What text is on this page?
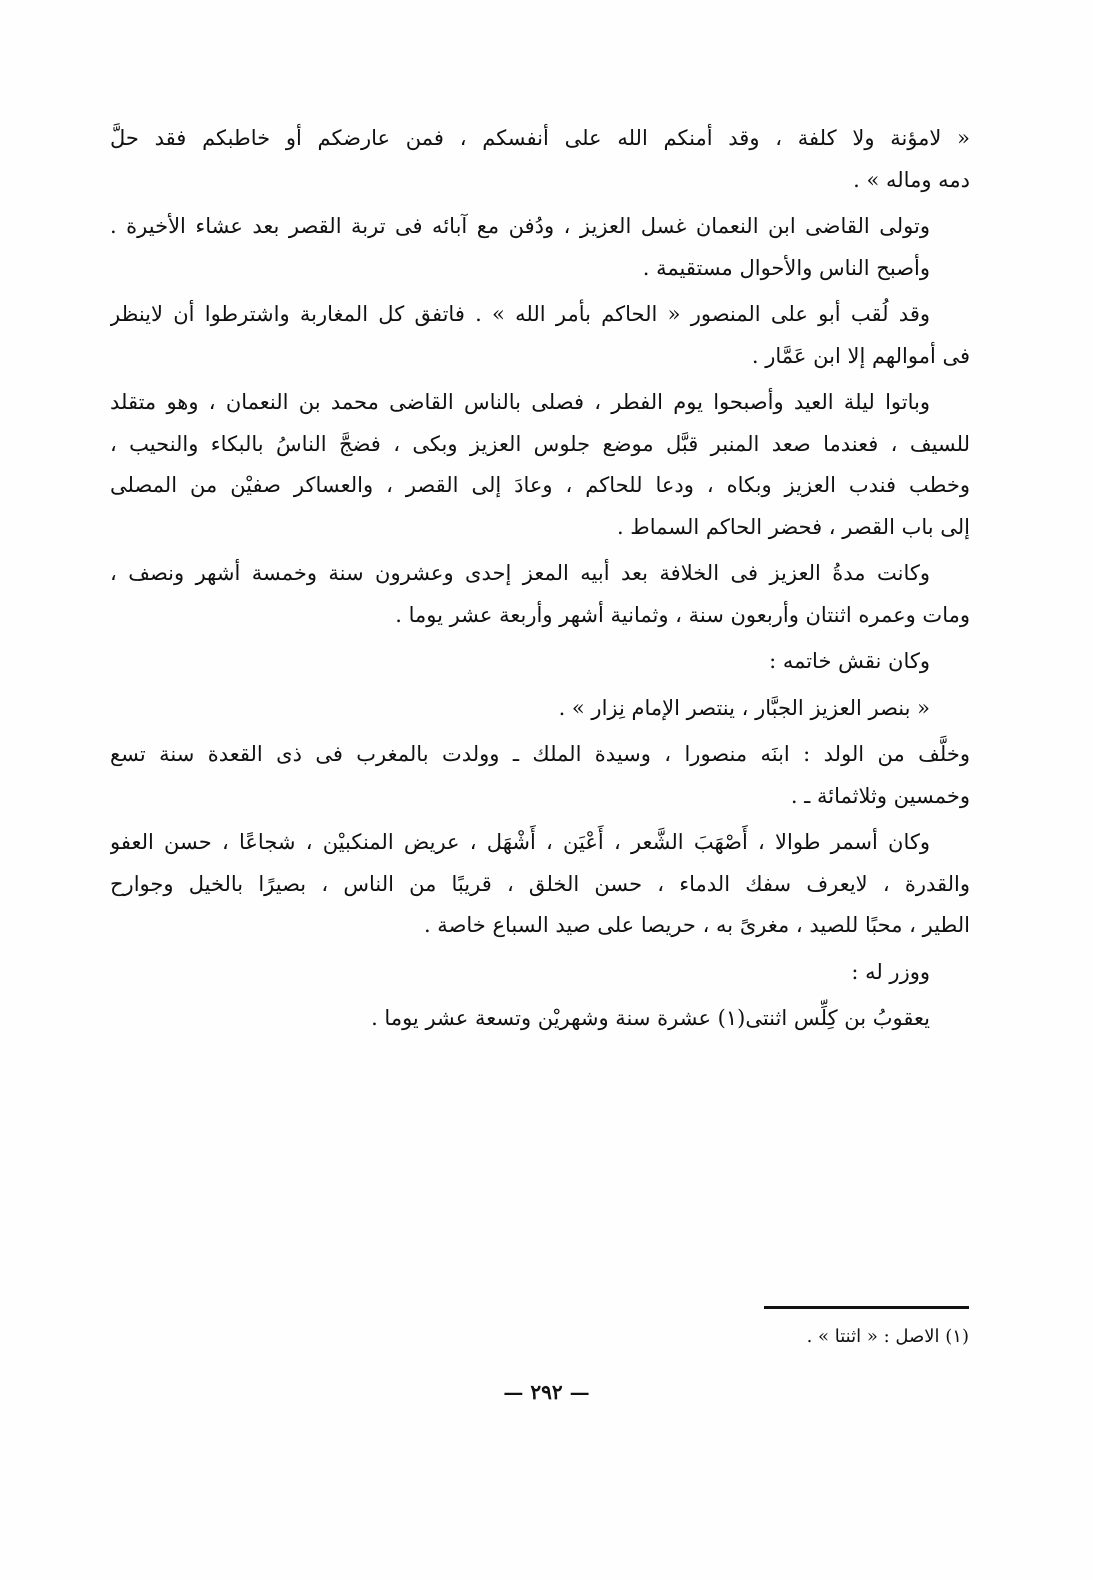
« لامؤنة ولا كلفة ، وقد أمنكم الله على أنفسكم ، فمن عارضكم أو خاطبكم فقد حلَّ
دمه وماله » .

وتولى القاضى ابن النعمان غسل العزيز ، ودُفن مع آبائه فى تربة القصر بعد عشاء الأخيرة .
وأصبح الناس والأحوال مستقيمة .

وقد لُقب أبو على المنصور « الحاكم بأمر الله » . فاتفق كل المغاربة واشترطوا أن لاينظر
فى أموالهم إلا ابن عَمَّار .

وباتوا ليلة العيد وأصبحوا يوم الفطر ، فصلى بالناس القاضى محمد بن النعمان ، وهو متقلد
للسيف ، فعندما صعد المنبر قبَّل موضع جلوس العزيز وبكى ، فضجَّ الناسُ بالبكاء والنحيب ،
وخطب فندب العزيز وبكاه ، ودعا للحاكم ، وعادَ إلى القصر ، والعساكر صفيْن من المصلى
إلى باب القصر ، فحضر الحاكم السماط .

وكانت مدةُ العزيز فى الخلافة بعد أبيه المعز إحدى وعشرون سنة وخمسة أشهر ونصف ،
ومات وعمره اثنتان وأربعون سنة ، وثمانية أشهر وأربعة عشر يوما .

وكان نقش خاتمه :

« بنصر العزيز الجبَّار ، ينتصر الإمام نِزار » .

وخلَّف من الولد : ابنَه منصورا ، وسيدة الملك ـ وولدت بالمغرب فى ذى القعدة سنة تسع
وخمسين وثلاثمائة ـ .

وكان أسمر طوالا ، أَصْهَبَ الشَّعر ، أَعْيَن ، أَشْهَل ، عريض المنكبيْن ، شجاعًا ، حسن العفو
والقدرة ، لايعرف سفك الدماء ، حسن الخلق ، قريبًا من الناس ، بصيرًا بالخيل وجوارح
الطير ، محبًا للصيد ، مغرىً به ، حريصا على صيد السباع خاصة .

ووزر له :

يعقوبُ بن كِلِّس اثنتى(١) عشرة سنة وشهريْن وتسعة عشر يوما .

(١) الاصل : « اثنتا » .
— ٢٩٢ —
